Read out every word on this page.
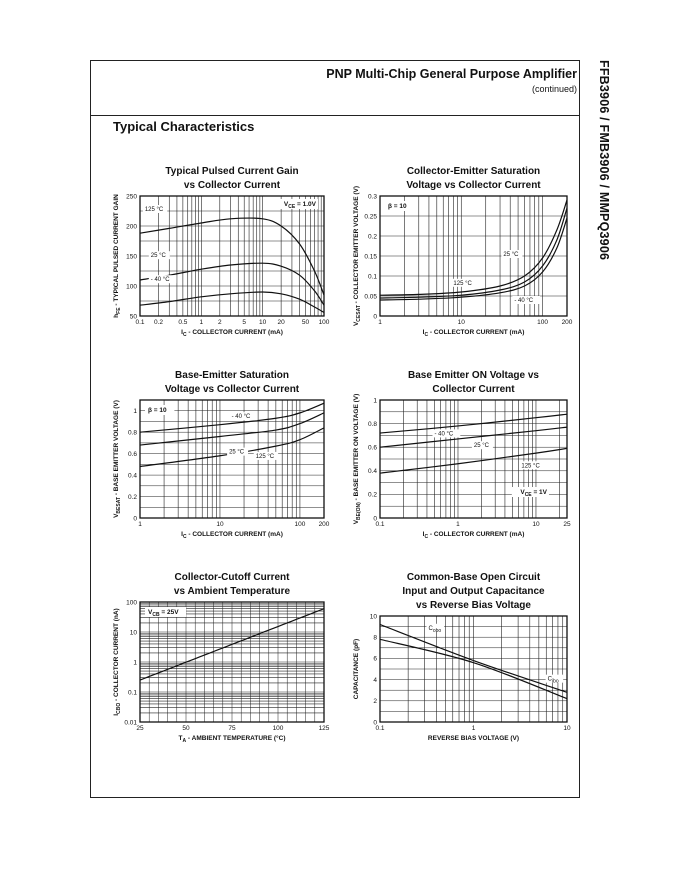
PNP Multi-Chip General Purpose Amplifier
(continued)
Typical Characteristics	FFB3906 / FMB3906 / MMPQ3906
Typical Pulsed Current Gain
vs Collector Current
0.1 0.2 0.5 1 2	5 10 20	50 100
50
100
150
200
250
$I_C$ - COLLECTOR CURRENT (mA)
$h_{FE}$ - TYPICAL PULSED CURRENT GAIN	125 °C
25 °C
- 40 °C
$V_{CE} = 1.0V$
Collector-Emitter Saturation
Voltage vs Collector Current
1	10	100 200
0
0.05
0.1
0.15
0.2
0.25
0.3
$I_C$ - COLLECTOR CURRENT (mA)
$V_{CESAT}$ - COLLECTOR EMITTER VOLTAGE (V)	25 °C
125 °C
- 40 °C
β = 10
Base-Emitter Saturation
Voltage vs Collector Current
1	10	100 200
0
0.2
0.4
0.6
0.8
1
$I_C$ - COLLECTOR CURRENT (mA)
$V_{BESAT}$ - BASE EMITTER VOLTAGE (V)	- 40 °C
25 °C
125 °C
β = 10
Base Emitter ON Voltage vs
Collector Current
0.1	1	10	25
0
0.2
0.4
0.6
0.8
1
$I_C$ - COLLECTOR CURRENT (mA)
$V_{BE(ON)}$ - BASE EMITTER ON VOLTAGE (V)	- 40 °C
25 °C
125 °C
$V_{CE} = 1V$
Collector-Cutoff Current
vs Ambient Temperature
25	50	75	100	125
0.01
0.1
1
10
100
$T_A$ - AMBIENT TEMPERATURE (°C)
$I_{CBO}$ - COLLECTOR CURRENT (nA)	$V_{CB} = 25V$
Common-Base Open Circuit
Input and Output Capacitance
vs Reverse Bias Voltage
0.1	1	10
0
2
4
6
8
10
REVERSE BIAS VOLTAGE (V)
CAPACITANCE (pF)
$C_{obo}$
$C_{ibo}$
